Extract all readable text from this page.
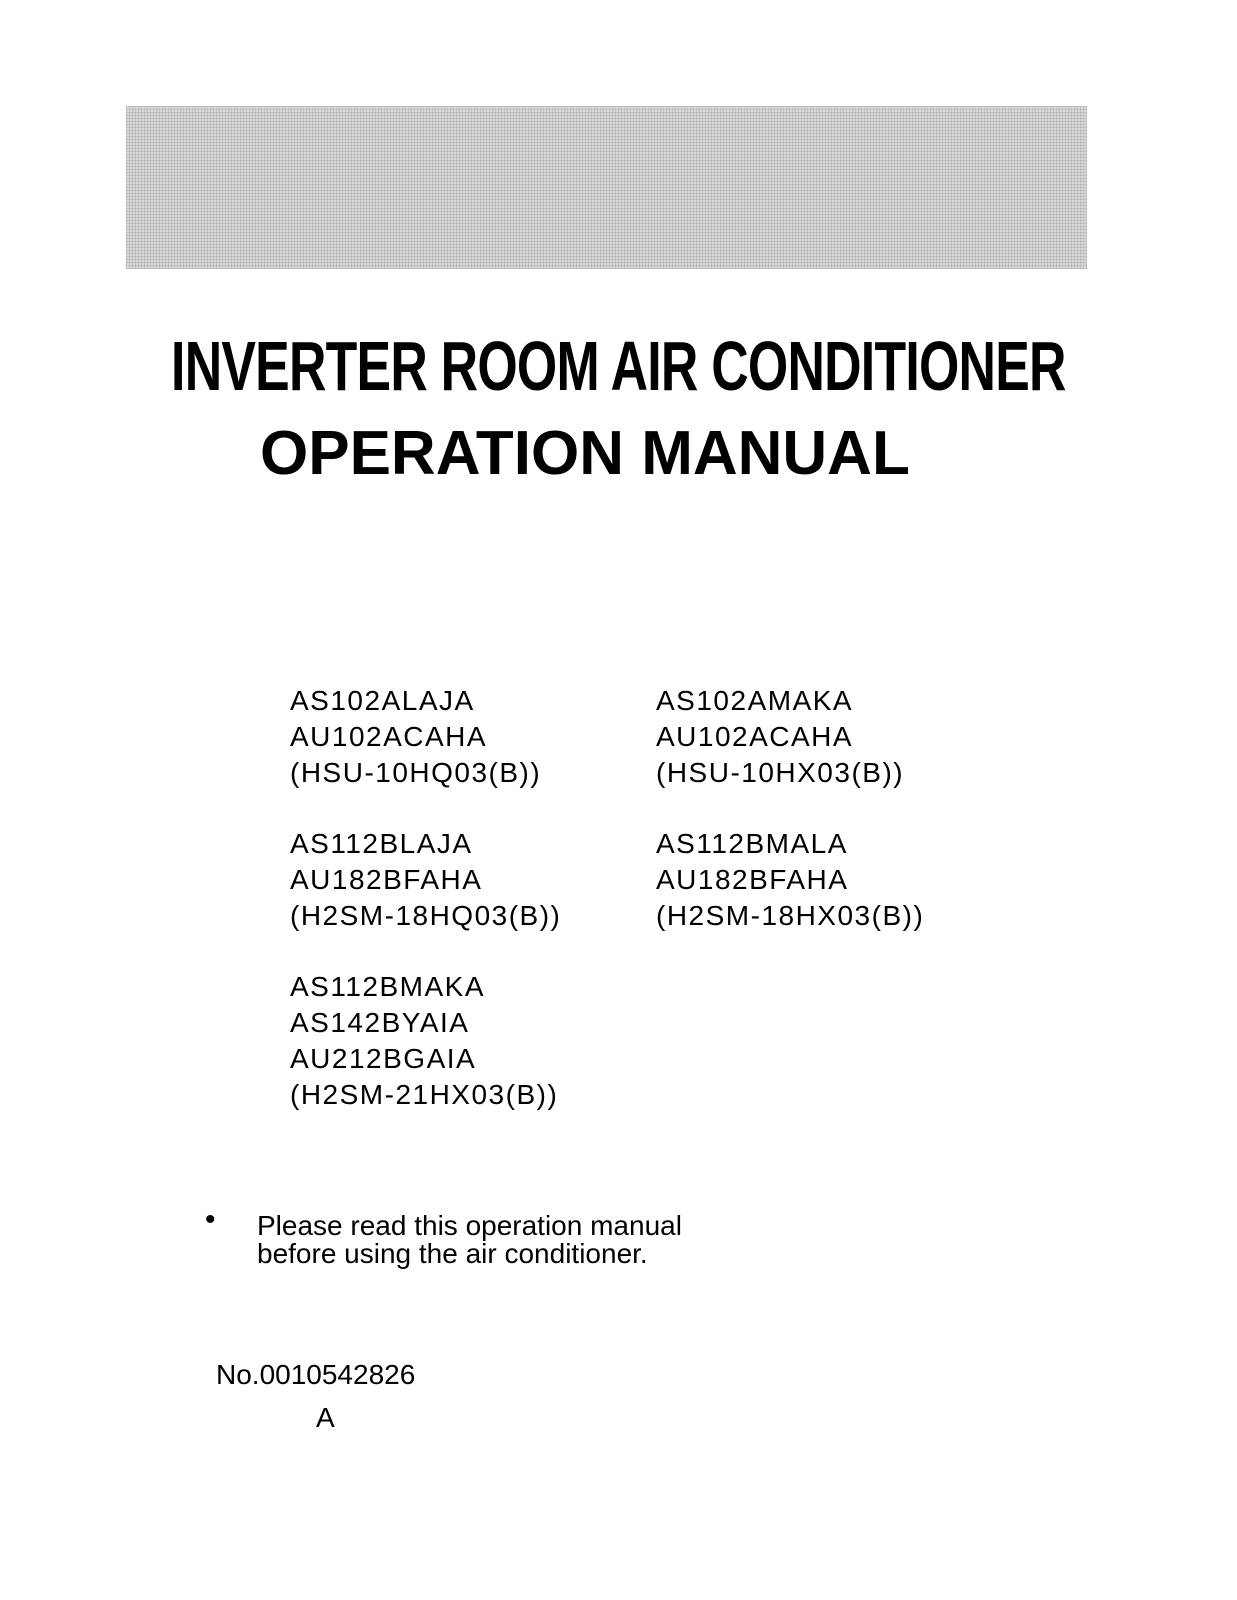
INVERTER ROOM AIR CONDITIONER
OPERATION MANUAL
AS102ALAJA
AU102ACAHA
(HSU-10HQ03(B))
AS102AMAKA
AU102ACAHA
(HSU-10HX03(B))
AS112BLAJA
AU182BFAHA
(H2SM-18HQ03(B))
AS112BMALA
AU182BFAHA
(H2SM-18HX03(B))
AS112BMAKA
AS142BYAIA
AU212BGAIA
(H2SM-21HX03(B))
• Please read this operation manual
before using the air conditioner.
No.0010542826
A
